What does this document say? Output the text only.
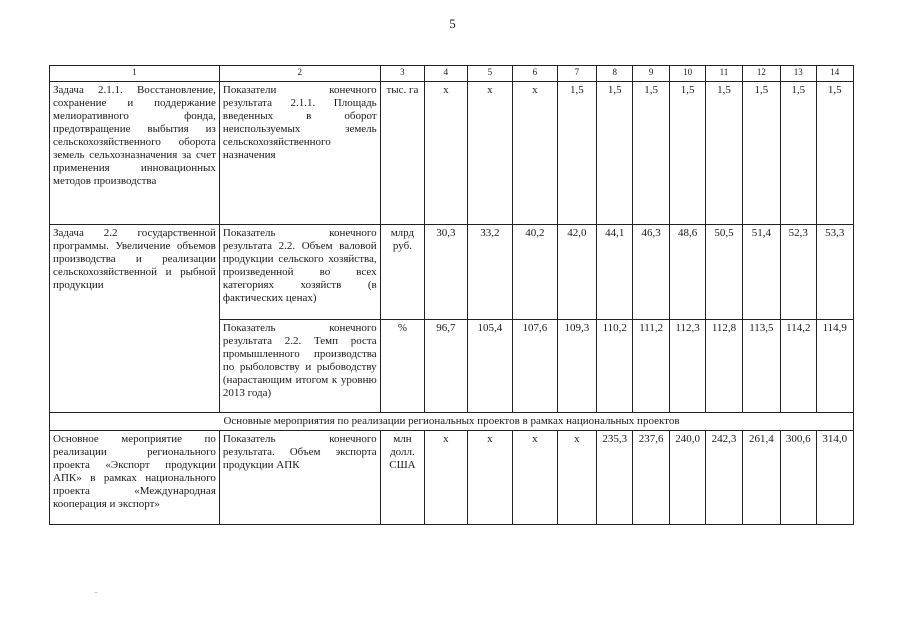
5
1	2	3	4	5	6	7	8	9	10	11	12	13	14
Задача 2.1.1. Восстановление, сохранение и поддержание мелиоративного фонда, предотвращение выбытия из сельскохозяйственного оборота земель сельхозназначения за счет применения инновационных методов производства	Показатели конечного результата 2.1.1. Площадь введенных в оборот неиспользуемых земель сельскохозяйственного назначения	тыс. га	x	x	x	1,5	1,5	1,5	1,5	1,5	1,5	1,5	1,5
Задача 2.2 государственной программы. Увеличение объемов производства и реализации сельскохозяйственной и рыбной продукции	Показатель конечного результата 2.2. Объем валовой продукции сельского хозяйства, произведенной во всех категориях хозяйств (в фактических ценах)	млрд руб.	30,3	33,2	40,2	42,0	44,1	46,3	48,6	50,5	51,4	52,3	53,3
	Показатель конечного результата 2.2. Темп роста промышленного производства по рыболовству и рыбоводству (нарастающим итогом к уровню 2013 года)	%	96,7	105,4	107,6	109,3	110,2	111,2	112,3	112,8	113,5	114,2	114,9
Основные мероприятия по реализации региональных проектов в рамках национальных проектов													
Основное мероприятие по реализации регионального проекта «Экспорт продукции АПК» в рамках национального проекта «Международная кооперация и экспорт»	Показатель конечного результата. Объем экспорта продукции АПК	млн долл. США	x	x	x	x	235,3	237,6	240,0	242,3	261,4	300,6	314,0
